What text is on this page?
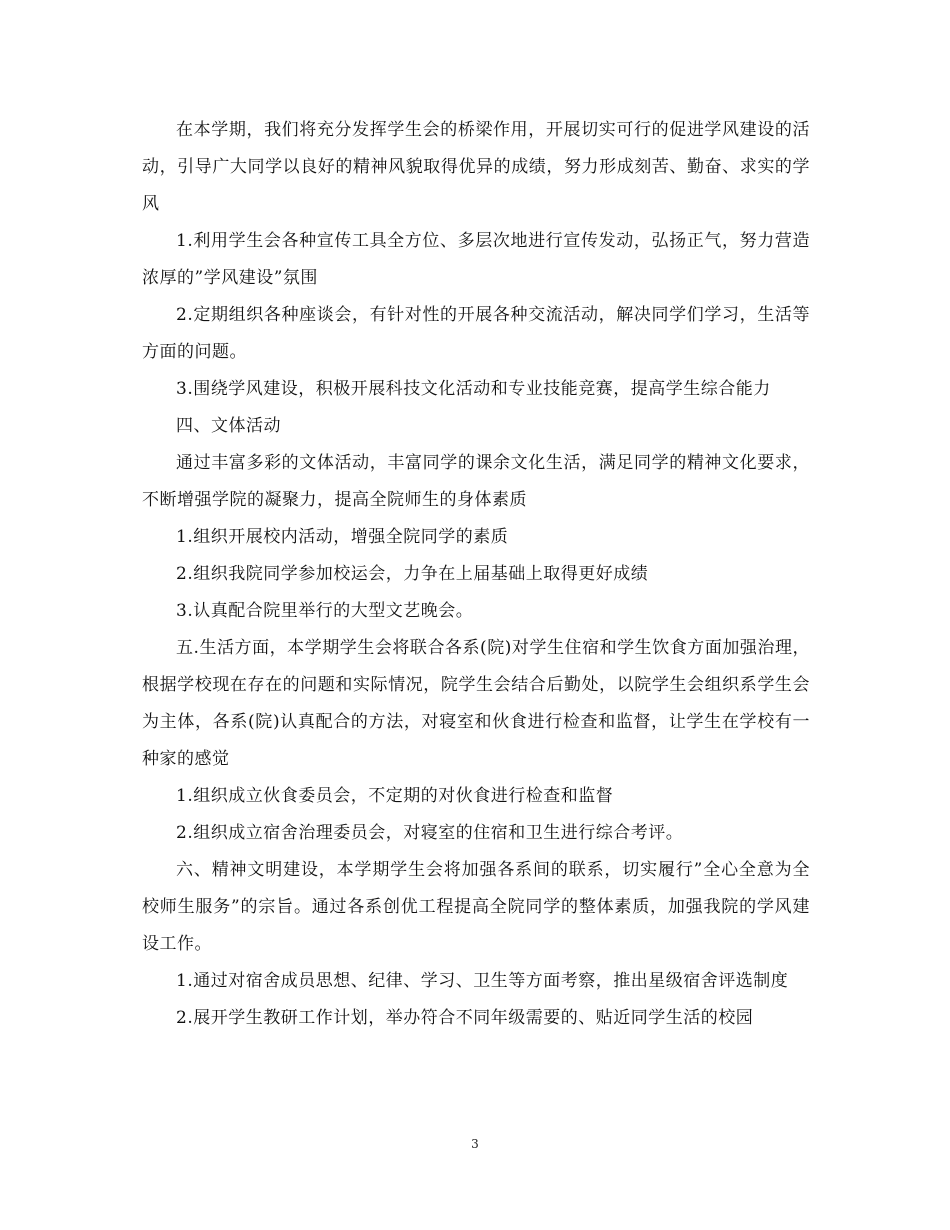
在本学期，我们将充分发挥学生会的桥梁作用，开展切实可行的促进学风建设的活动，引导广大同学以良好的精神风貌取得优异的成绩，努力形成刻苦、勤奋、求实的学风

1.利用学生会各种宣传工具全方位、多层次地进行宣传发动，弘扬正气，努力营造浓厚的”学风建设”氛围

2.定期组织各种座谈会，有针对性的开展各种交流活动，解决同学们学习，生活等方面的问题。

3.围绕学风建设，积极开展科技文化活动和专业技能竞赛，提高学生综合能力

四、文体活动

通过丰富多彩的文体活动，丰富同学的课余文化生活，满足同学的精神文化要求，不断增强学院的凝聚力，提高全院师生的身体素质

1.组织开展校内活动，增强全院同学的素质

2.组织我院同学参加校运会，力争在上届基础上取得更好成绩

3.认真配合院里举行的大型文艺晚会。

五.生活方面，本学期学生会将联合各系(院)对学生住宿和学生饮食方面加强治理，根据学校现在存在的问题和实际情况，院学生会结合后勤处，以院学生会组织系学生会为主体，各系(院)认真配合的方法，对寝室和伙食进行检查和监督，让学生在学校有一种家的感觉

1.组织成立伙食委员会，不定期的对伙食进行检查和监督

2.组织成立宿舍治理委员会，对寝室的住宿和卫生进行综合考评。

六、精神文明建设，本学期学生会将加强各系间的联系，切实履行”全心全意为全校师生服务”的宗旨。通过各系创优工程提高全院同学的整体素质，加强我院的学风建设工作。

1.通过对宿舍成员思想、纪律、学习、卫生等方面考察，推出星级宿舍评选制度

2.展开学生教研工作计划，举办符合不同年级需要的、贴近同学生活的校园

3
